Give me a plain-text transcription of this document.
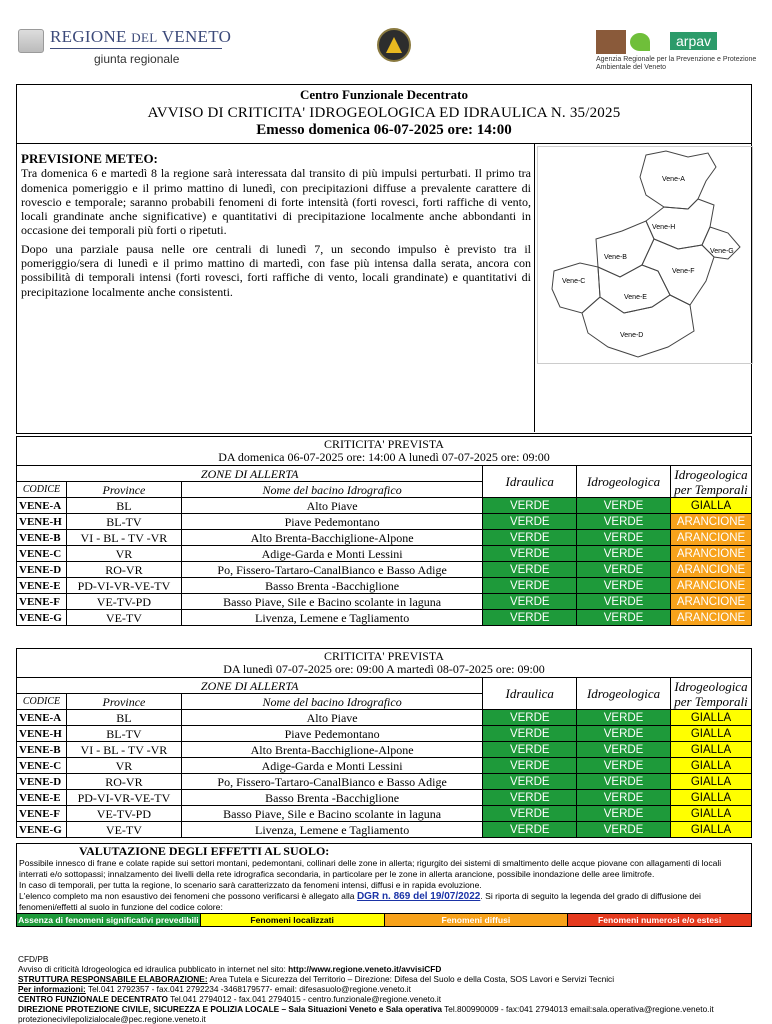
REGIONE DEL VENETO
giunta regionale
arpav
Agenzia Regionale per la Prevenzione e Protezione Ambientale del Veneto
Centro Funzionale Decentrato
AVVISO DI CRITICITA' IDROGEOLOGICA ED IDRAULICA N. 35/2025
Emesso domenica 06-07-2025 ore: 14:00
PREVISIONE METEO:

Tra domenica 6 e martedì 8 la regione sarà interessata dal transito di più impulsi perturbati. Il primo tra domenica pomeriggio e il primo mattino di lunedì, con precipitazioni diffuse a prevalente carattere di rovescio e temporale; saranno probabili fenomeni di forte intensità (forti rovesci, forti raffiche di vento, locali grandinate anche significative) e quantitativi di precipitazione localmente anche abbondanti in occasione dei temporali più forti o ripetuti.

Dopo una parziale pausa nelle ore centrali di lunedì 7, un secondo impulso è previsto tra il pomeriggio/sera di lunedì e il primo mattino di martedì, con fase più intensa dalla serata, ancora con possibilità di temporali intensi (forti rovesci, forti raffiche di vento, locali grandinate) e quantitativi di precipitazione localmente anche consistenti.

Vene-A
Vene-H
Vene-G
Vene-B
Vene-C
Vene-F
Vene-E
Vene-D
CRITICITA' PREVISTA
DA domenica 06-07-2025 ore: 14:00 A lunedì 07-07-2025 ore: 09:00					
ZONE DI ALLERTA			Idraulica	Idrogeologica	Idrogeologica
per Temporali
CODICE	Province	Nome del bacino Idrografico			
VENE-A	BL	Alto Piave	VERDE	VERDE	GIALLA
VENE-H	BL-TV	Piave Pedemontano	VERDE	VERDE	ARANCIONE
VENE-B	VI - BL - TV -VR	Alto Brenta-Bacchiglione-Alpone	VERDE	VERDE	ARANCIONE
VENE-C	VR	Adige-Garda e Monti Lessini	VERDE	VERDE	ARANCIONE
VENE-D	RO-VR	Po, Fissero-Tartaro-CanalBianco e Basso Adige	VERDE	VERDE	ARANCIONE
VENE-E	PD-VI-VR-VE-TV	Basso Brenta -Bacchiglione	VERDE	VERDE	ARANCIONE
VENE-F	VE-TV-PD	Basso Piave, Sile e Bacino scolante in laguna	VERDE	VERDE	ARANCIONE
VENE-G	VE-TV	Livenza, Lemene e Tagliamento	VERDE	VERDE	ARANCIONE
CRITICITA' PREVISTA
DA lunedì 07-07-2025 ore: 09:00 A martedì 08-07-2025 ore: 09:00					
ZONE DI ALLERTA			Idraulica	Idrogeologica	Idrogeologica
per Temporali
CODICE	Province	Nome del bacino Idrografico			
VENE-A	BL	Alto Piave	VERDE	VERDE	GIALLA
VENE-H	BL-TV	Piave Pedemontano	VERDE	VERDE	GIALLA
VENE-B	VI - BL - TV -VR	Alto Brenta-Bacchiglione-Alpone	VERDE	VERDE	GIALLA
VENE-C	VR	Adige-Garda e Monti Lessini	VERDE	VERDE	GIALLA
VENE-D	RO-VR	Po, Fissero-Tartaro-CanalBianco e Basso Adige	VERDE	VERDE	GIALLA
VENE-E	PD-VI-VR-VE-TV	Basso Brenta -Bacchiglione	VERDE	VERDE	GIALLA
VENE-F	VE-TV-PD	Basso Piave, Sile e Bacino scolante in laguna	VERDE	VERDE	GIALLA
VENE-G	VE-TV	Livenza, Lemene e Tagliamento	VERDE	VERDE	GIALLA
VALUTAZIONE DEGLI EFFETTI AL SUOLO:

Possibile innesco di frane e colate rapide sui settori montani, pedemontani, collinari delle zone in allerta; rigurgito dei sistemi di smaltimento delle acque piovane con allagamenti di locali interrati e/o sottopassi; innalzamento dei livelli della rete idrografica secondaria, in particolare per le zone in allerta arancione, possibile inondazione delle aree limitrofe.

In caso di temporali, per tutta la regione, lo scenario sarà caratterizzato da fenomeni intensi, diffusi e in rapida evoluzione.

L'elenco completo ma non esaustivo dei fenomeni che possono verificarsi è allegato alla DGR n. 869 del 19/07/2022. Si riporta di seguito la legenda del grado di diffusione dei fenomeni/effetti al suolo in funzione del codice colore:

Assenza di fenomeni significativi prevedibili	Fenomeni localizzati	Fenomeni diffusi	Fenomeni numerosi e/o estesi
CFD/PB
Avviso di criticità Idrogeologica ed idraulica pubblicato in internet nel sito: http://www.regione.veneto.it/avvisiCFD
STRUTTURA RESPONSABILE ELABORAZIONE: Area Tutela e Sicurezza del Territorio – Direzione: Difesa del Suolo e della Costa, SOS Lavori e Servizi Tecnici
Per informazioni: Tel.041 2792357 - fax.041 2792234 -3468179577- email: difesasuolo@regione.veneto.it
CENTRO FUNZIONALE DECENTRATO Tel.041 2794012 - fax.041 2794015 - centro.funzionale@regione.veneto.it
DIREZIONE PROTEZIONE CIVILE, SICUREZZA E POLIZIA LOCALE – Sala Situazioni Veneto e Sala operativa Tel.800990009 - fax:041 2794013 email:sala.operativa@regione.veneto.it
protezionecivilepolizialocale@pec.regione.veneto.it
